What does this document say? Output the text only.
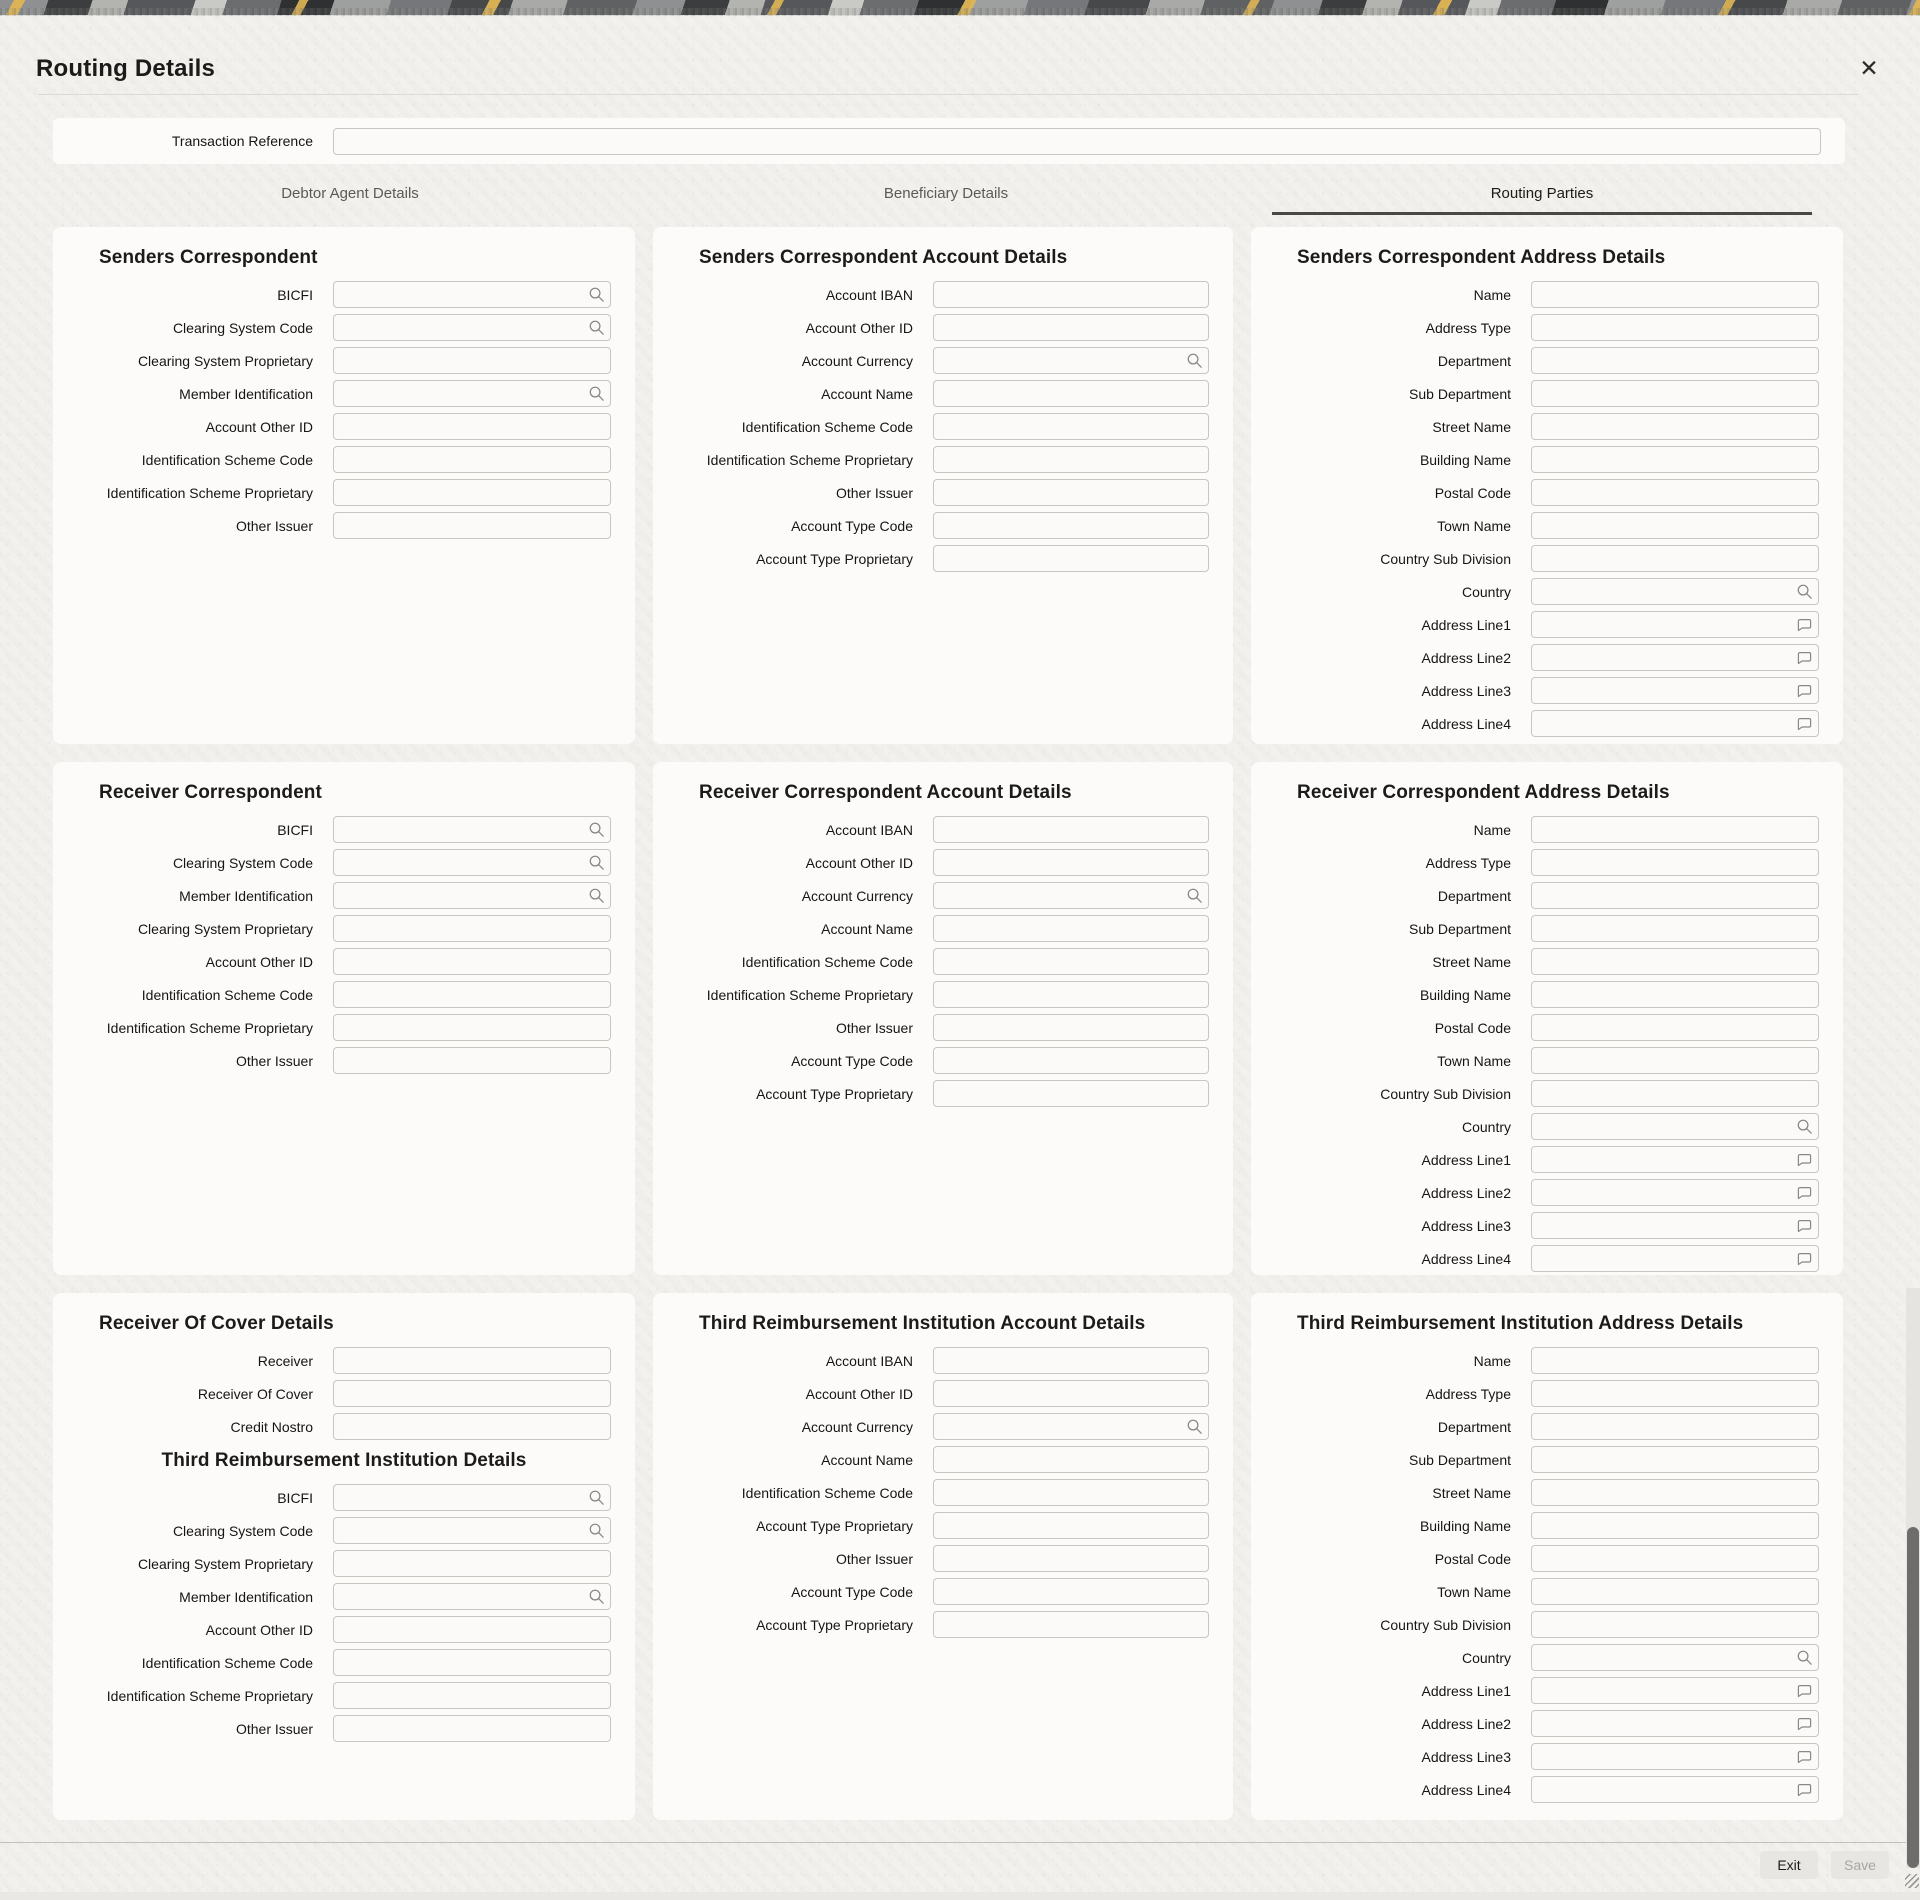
Routing Details	✕
Transaction Reference
Debtor Agent Details	Beneficiary Details	Routing Parties
Senders Correspondent
BICFI
Clearing System Code
Clearing System Proprietary
Member Identification
Account Other ID
Identification Scheme Code
Identification Scheme Proprietary
Other Issuer
Senders Correspondent Account Details
Account IBAN
Account Other ID
Account Currency
Account Name
Identification Scheme Code
Identification Scheme Proprietary
Other Issuer
Account Type Code
Account Type Proprietary
Senders Correspondent Address Details
Name
Address Type
Department
Sub Department
Street Name
Building Name
Postal Code
Town Name
Country Sub Division
Country
Address Line1
Address Line2
Address Line3
Address Line4
Receiver Correspondent
BICFI
Clearing System Code
Member Identification
Clearing System Proprietary
Account Other ID
Identification Scheme Code
Identification Scheme Proprietary
Other Issuer
Receiver Correspondent Account Details
Account IBAN
Account Other ID
Account Currency
Account Name
Identification Scheme Code
Identification Scheme Proprietary
Other Issuer
Account Type Code
Account Type Proprietary
Receiver Correspondent Address Details
Name
Address Type
Department
Sub Department
Street Name
Building Name
Postal Code
Town Name
Country Sub Division
Country
Address Line1
Address Line2
Address Line3
Address Line4
Receiver Of Cover Details
Receiver
Receiver Of Cover
Credit Nostro
Third Reimbursement Institution Details
BICFI
Clearing System Code
Clearing System Proprietary
Member Identification
Account Other ID
Identification Scheme Code
Identification Scheme Proprietary
Other Issuer
Third Reimbursement Institution Account Details
Account IBAN
Account Other ID
Account Currency
Account Name
Identification Scheme Code
Account Type Proprietary
Other Issuer
Account Type Code
Account Type Proprietary
Third Reimbursement Institution Address Details
Name
Address Type
Department
Sub Department
Street Name
Building Name
Postal Code
Town Name
Country Sub Division
Country
Address Line1
Address Line2
Address Line3
Address Line4
Exit	Save
